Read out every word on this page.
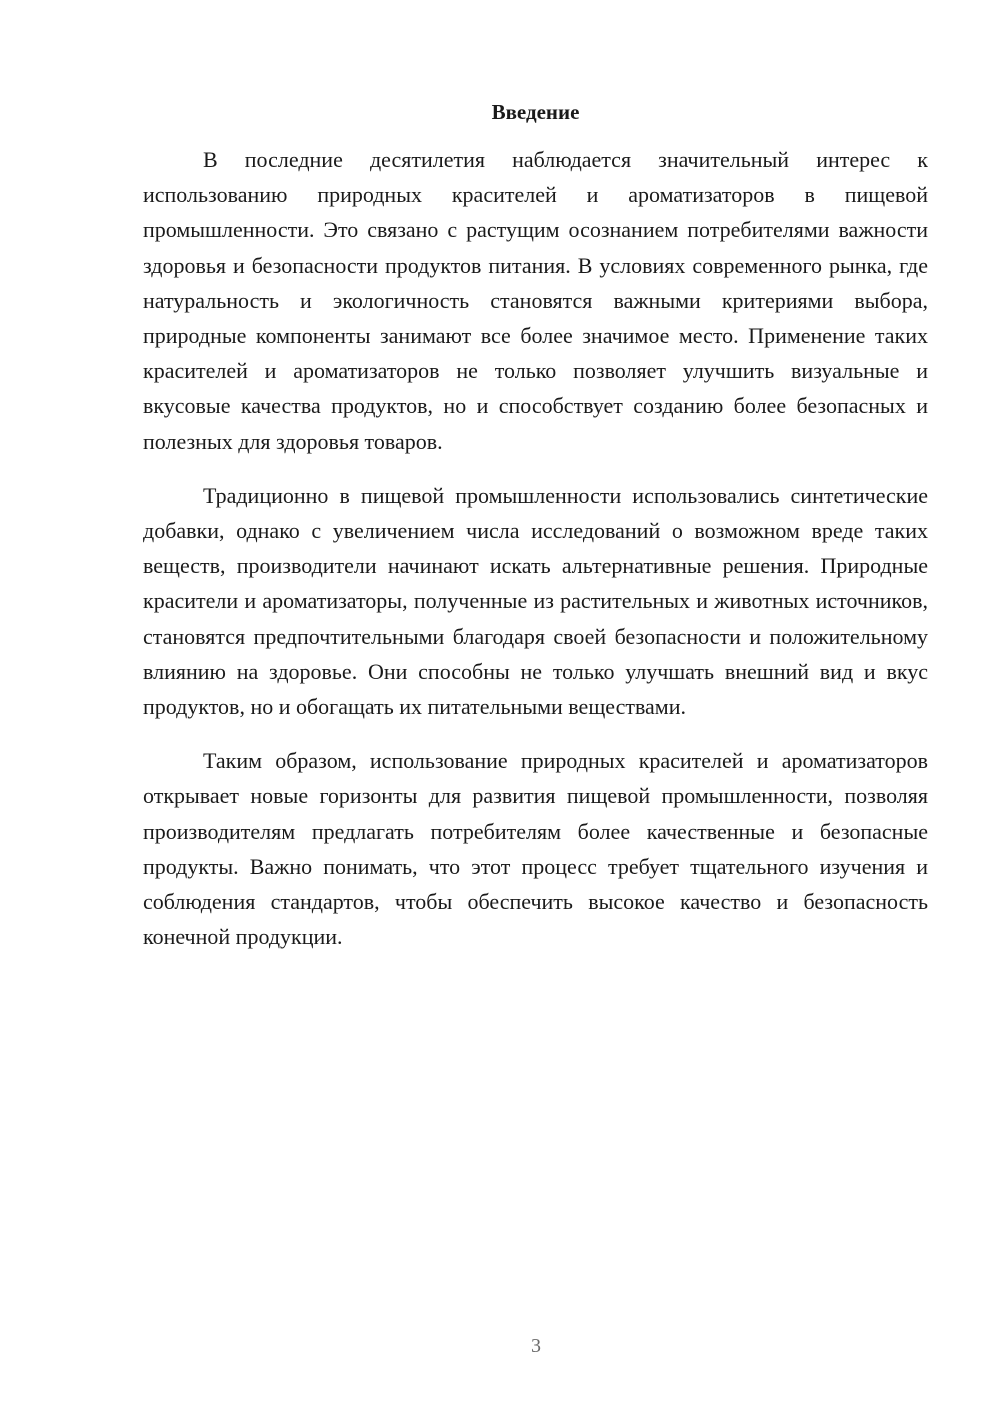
Введение

В последние десятилетия наблюдается значительный интерес к использованию природных красителей и ароматизаторов в пищевой промышленности. Это связано с растущим осознанием потребителями важности здоровья и безопасности продуктов питания. В условиях современного рынка, где натуральность и экологичность становятся важными критериями выбора, природные компоненты занимают все более значимое место. Применение таких красителей и ароматизаторов не только позволяет улучшить визуальные и вкусовые качества продуктов, но и способствует созданию более безопасных и полезных для здоровья товаров.

Традиционно в пищевой промышленности использовались синтетические добавки, однако с увеличением числа исследований о возможном вреде таких веществ, производители начинают искать альтернативные решения. Природные красители и ароматизаторы, полученные из растительных и животных источников, становятся предпочтительными благодаря своей безопасности и положительному влиянию на здоровье. Они способны не только улучшать внешний вид и вкус продуктов, но и обогащать их питательными веществами.

Таким образом, использование природных красителей и ароматизаторов открывает новые горизонты для развития пищевой промышленности, позволяя производителям предлагать потребителям более качественные и безопасные продукты. Важно понимать, что этот процесс требует тщательного изучения и соблюдения стандартов, чтобы обеспечить высокое качество и безопасность конечной продукции.

3
